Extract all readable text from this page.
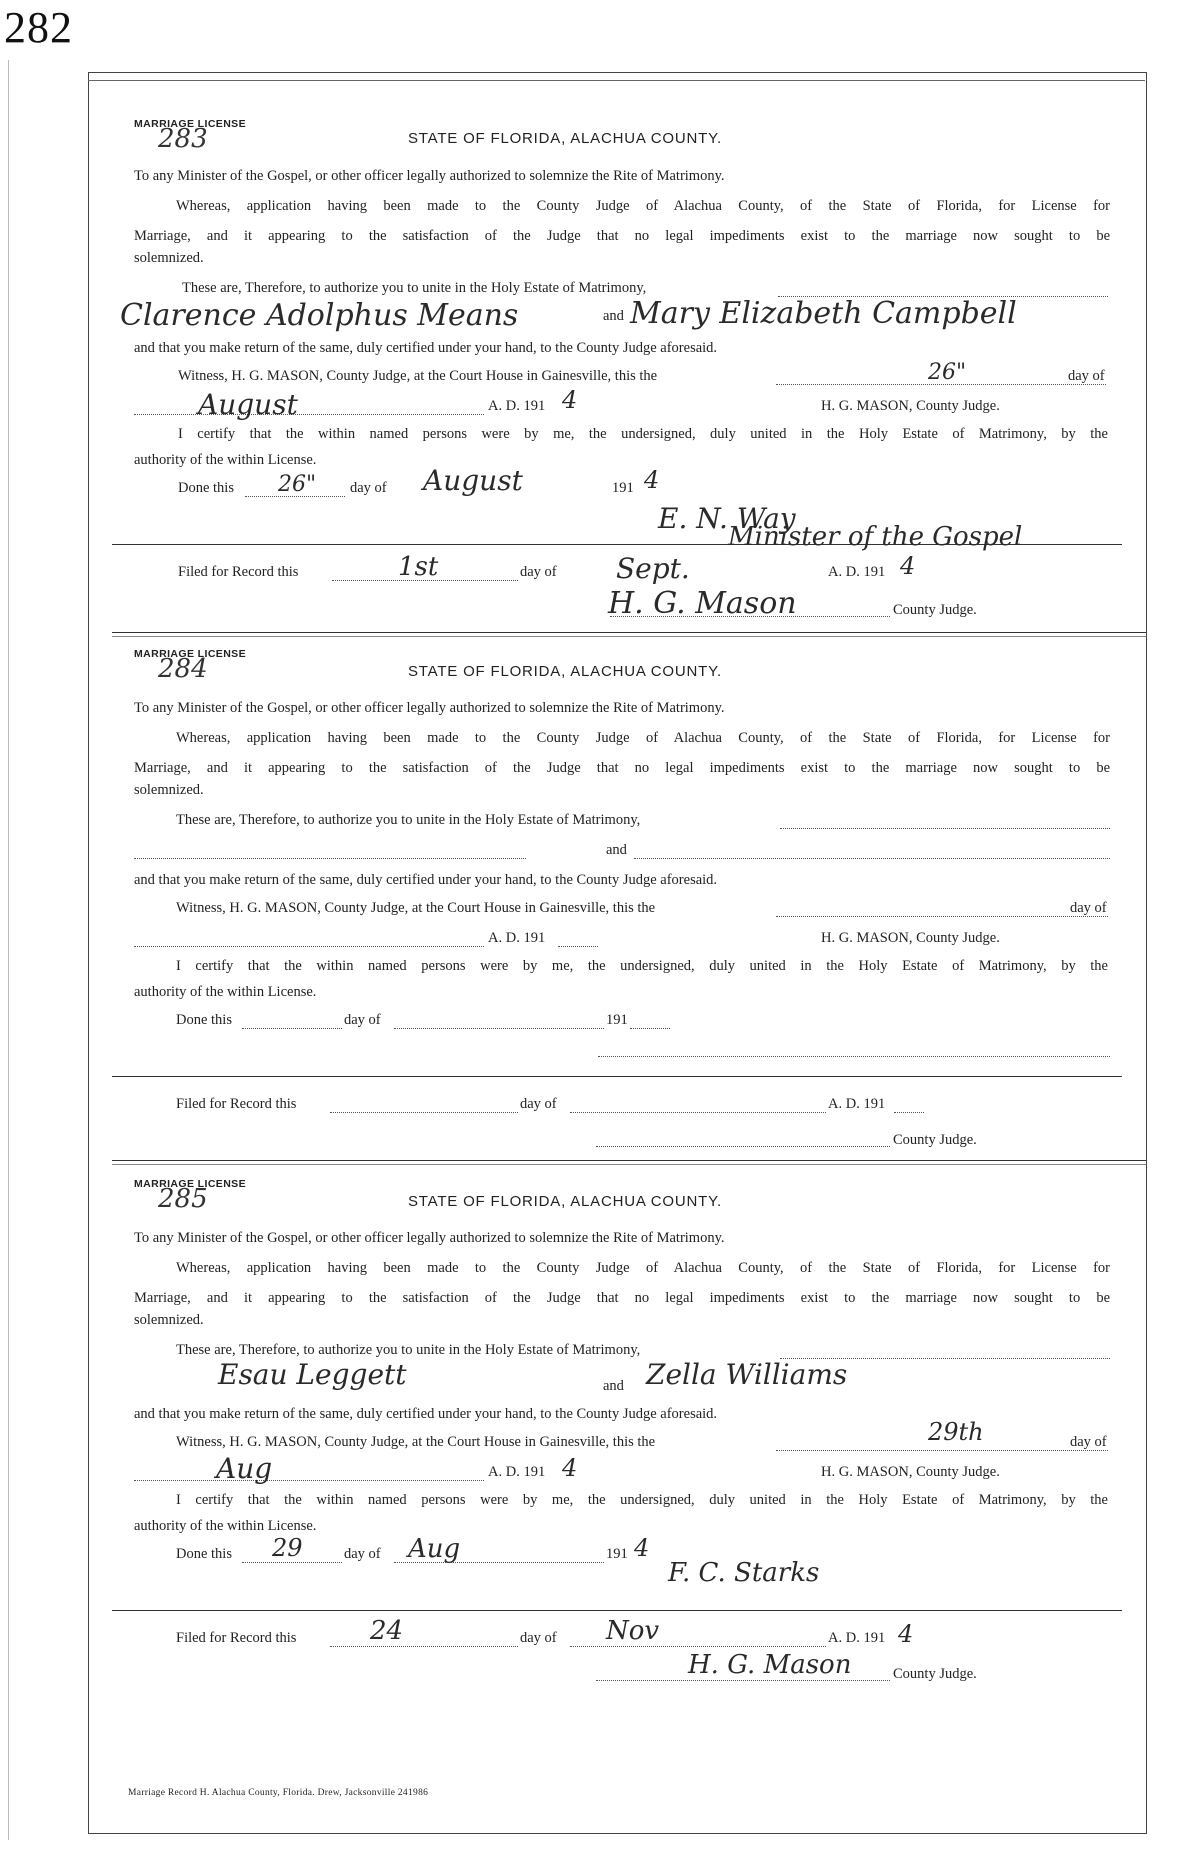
282
MARRIAGE LICENSE
283	STATE OF FLORIDA, ALACHUA COUNTY.
To any Minister of the Gospel, or other officer legally authorized to solemnize the Rite of Matrimony.
Whereas, application having been made to the County Judge of Alachua County, of the State of Florida, for License for
Marriage, and it appearing to the satisfaction of the Judge that no legal impediments exist to the marriage now sought to be
solemnized.
These are, Therefore, to authorize you to unite in the Holy Estate of Matrimony,
Clarence Adolphus Means	and Mary Elizabeth Campbell
and that you make return of the same, duly certified under your hand, to the County Judge aforesaid.
Witness, H. G. MASON, County Judge, at the Court House in Gainesville, this the	26"	day of
August	A. D. 191 4	H. G. MASON, County Judge.
I certify that the within named persons were by me, the undersigned, duly united in the Holy Estate of Matrimony, by the
authority of the within License.
Done this 26" day of August	191 4
E. N. Way
Minister of the Gospel
Filed for Record this	1st	day of Sept.	A. D. 191 4
H. G. Mason	County Judge.
MARRIAGE LICENSE
284	STATE OF FLORIDA, ALACHUA COUNTY.
To any Minister of the Gospel, or other officer legally authorized to solemnize the Rite of Matrimony.
Whereas, application having been made to the County Judge of Alachua County, of the State of Florida, for License for
Marriage, and it appearing to the satisfaction of the Judge that no legal impediments exist to the marriage now sought to be
solemnized.
These are, Therefore, to authorize you to unite in the Holy Estate of Matrimony,
and
and that you make return of the same, duly certified under your hand, to the County Judge aforesaid.
Witness, H. G. MASON, County Judge, at the Court House in Gainesville, this the	day of
A. D. 191	H. G. MASON, County Judge.
I certify that the within named persons were by me, the undersigned, duly united in the Holy Estate of Matrimony, by the
authority of the within License.
Done this	day of	191
Filed for Record this	day of	A. D. 191
County Judge.
MARRIAGE LICENSE
285	STATE OF FLORIDA, ALACHUA COUNTY.
To any Minister of the Gospel, or other officer legally authorized to solemnize the Rite of Matrimony.
Whereas, application having been made to the County Judge of Alachua County, of the State of Florida, for License for
Marriage, and it appearing to the satisfaction of the Judge that no legal impediments exist to the marriage now sought to be
solemnized.
These are, Therefore, to authorize you to unite in the Holy Estate of Matrimony,
Esau Leggett	and Zella Williams
and that you make return of the same, duly certified under your hand, to the County Judge aforesaid.
Witness, H. G. MASON, County Judge, at the Court House in Gainesville, this the	29th	day of
Aug	A. D. 191 4	H. G. MASON, County Judge.
I certify that the within named persons were by me, the undersigned, duly united in the Holy Estate of Matrimony, by the
authority of the within License.
Done this 29	day of Aug	191 4
F. C. Starks
Filed for Record this	24	day of Nov	A. D. 191 4
H. G. Mason	County Judge.
Marriage Record H. Alachua County, Florida. Drew, Jacksonville 241986
